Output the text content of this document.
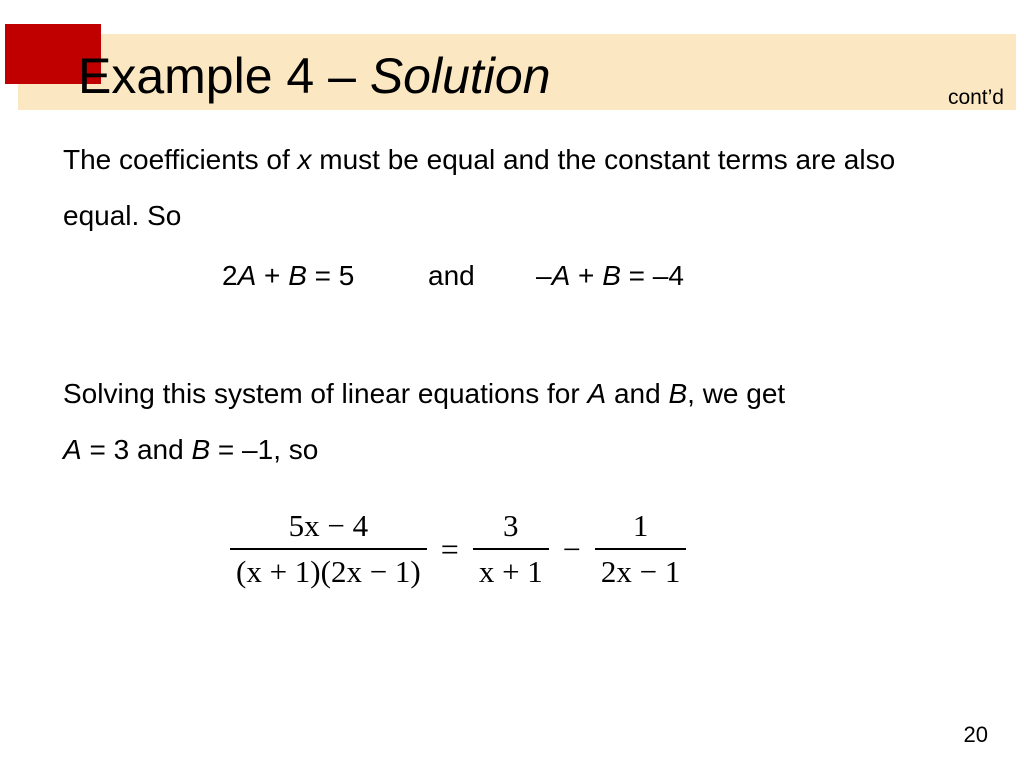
Example 4 – Solution	cont’d
The coefficients of x must be equal and the constant terms are also equal. So
2A + B = 5	and –A + B = –4
Solving this system of linear equations for A and B, we get
A = 3 and B = –1, so
$\frac{5x - 4}{(x + 1)(2x - 1)} = \frac{3}{x + 1} - \frac{1}{2x - 1}$
20
